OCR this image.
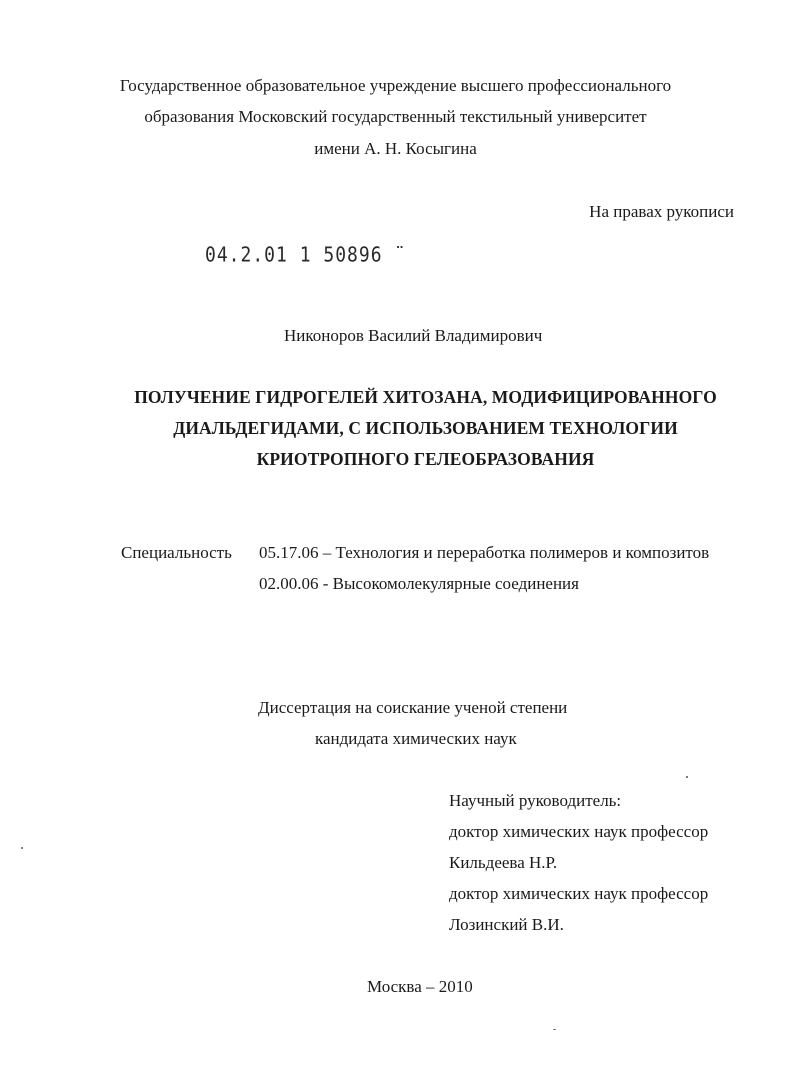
Государственное образовательное учреждение высшего профессионального
образования Московский государственный текстильный университет
имени А. Н. Косыгина
На правах рукописи
04.2.01 1 50896 ¨
Никоноров Василий Владимирович
ПОЛУЧЕНИЕ ГИДРОГЕЛЕЙ ХИТОЗАНА, МОДИФИЦИРОВАННОГО
ДИАЛЬДЕГИДАМИ, С ИСПОЛЬЗОВАНИЕМ ТЕХНОЛОГИИ
КРИОТРОПНОГО ГЕЛЕОБРАЗОВАНИЯ
Специальность 05.17.06 – Технология и переработка полимеров и композитов
02.00.06 - Высокомолекулярные соединения
Диссертация на соискание ученой степени
кандидата химических наук
Научный руководитель:
доктор химических наук профессор
Кильдеева Н.Р.
доктор химических наук профессор
Лозинский В.И.
Москва – 2010
